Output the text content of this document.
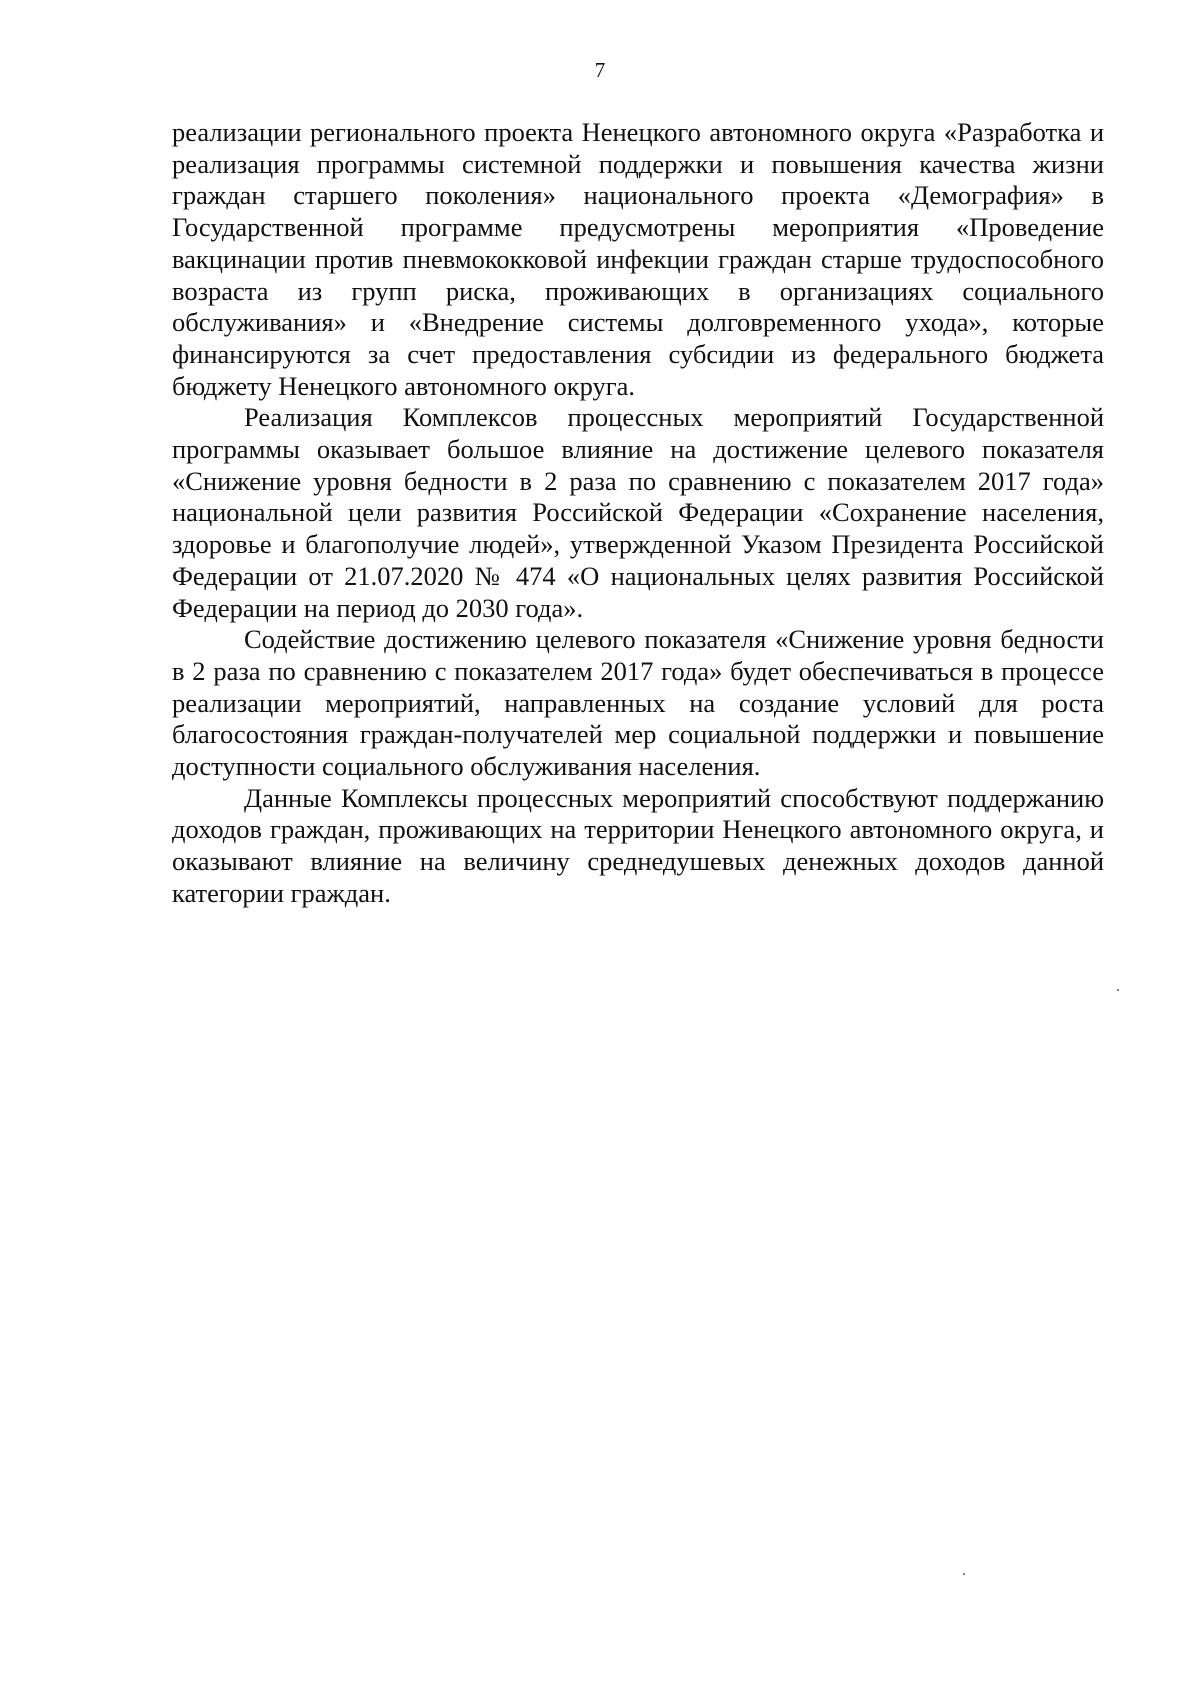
7

реализации регионального проекта Ненецкого автономного округа «Разработка и реализация программы системной поддержки и повышения качества жизни граждан старшего поколения» национального проекта «Демография» в Государственной программе предусмотрены мероприятия «Проведение вакцинации против пневмококковой инфекции граждан старше трудоспособного возраста из групп риска, проживающих в организациях социального обслуживания» и «Внедрение системы долговременного ухода», которые финансируются за счет предоставления субсидии из федерального бюджета бюджету Ненецкого автономного округа.

Реализация Комплексов процессных мероприятий Государственной программы оказывает большое влияние на достижение целевого показателя «Снижение уровня бедности в 2 раза по сравнению с показателем 2017 года» национальной цели развития Российской Федерации «Сохранение населения, здоровье и благополучие людей», утвержденной Указом Президента Российской Федерации от 21.07.2020 № 474 «О национальных целях развития Российской Федерации на период до 2030 года».

Содействие достижению целевого показателя «Снижение уровня бедности в 2 раза по сравнению с показателем 2017 года» будет обеспечиваться в процессе реализации мероприятий, направленных на создание условий для роста благосостояния граждан-получателей мер социальной поддержки и повышение доступности социального обслуживания населения.

Данные Комплексы процессных мероприятий способствуют поддержанию доходов граждан, проживающих на территории Ненецкого автономного округа, и оказывают влияние на величину среднедушевых денежных доходов данной категории граждан.
